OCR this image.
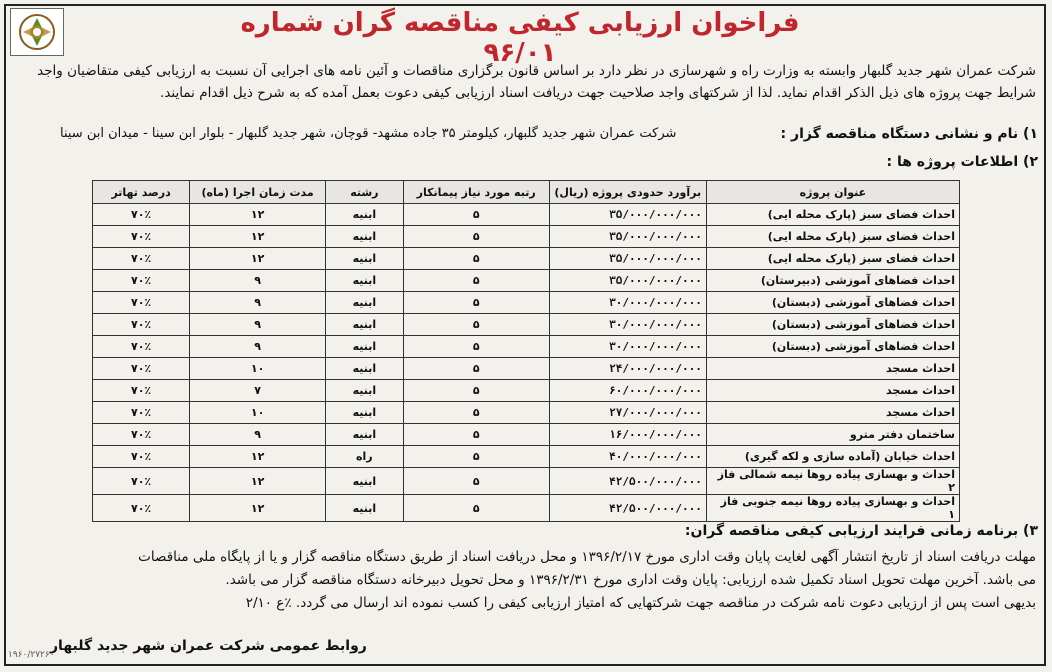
فراخوان ارزیابی کیفی مناقصه گران شماره ۹۶/۰۱
شرکت عمران شهر جدید گلبهار وابسته به وزارت راه و شهرسازی در نظر دارد بر اساس قانون برگزاری مناقصات و آئین نامه های اجرایی آن نسبت به ارزیابی کیفی متقاضیان واجد
شرایط جهت پروژه های ذیل الذکر اقدام نماید. لذا از شرکتهای واجد صلاحیت جهت دریافت اسناد ارزیابی کیفی دعوت بعمل آمده که به شرح ذیل اقدام نمایند.
۱) نام و نشانی دستگاه مناقصه گزار :
شرکت عمران شهر جدید گلبهار، کیلومتر ۳۵ جاده مشهد- قوچان، شهر جدید گلبهار - بلوار ابن سینا - میدان ابن سینا
۲) اطلاعات پروژه ها :
عنوان پروژه	برآورد حدودی پروژه (ریال)	رتبه مورد نیاز پیمانکار	رشته	مدت زمان اجرا (ماه)	درصد تهاتر
احداث فضای سبز (پارک محله ایی)	۳۵/۰۰۰/۰۰۰/۰۰۰	۵	ابنیه	۱۲	۷۰٪
احداث فضای سبز (پارک محله ایی)	۳۵/۰۰۰/۰۰۰/۰۰۰	۵	ابنیه	۱۲	۷۰٪
احداث فضای سبز (پارک محله ایی)	۳۵/۰۰۰/۰۰۰/۰۰۰	۵	ابنیه	۱۲	۷۰٪
احداث فضاهای آموزشی (دبیرستان)	۳۵/۰۰۰/۰۰۰/۰۰۰	۵	ابنیه	۹	۷۰٪
احداث فضاهای آموزشی (دبستان)	۳۰/۰۰۰/۰۰۰/۰۰۰	۵	ابنیه	۹	۷۰٪
احداث فضاهای آموزشی (دبستان)	۳۰/۰۰۰/۰۰۰/۰۰۰	۵	ابنیه	۹	۷۰٪
احداث فضاهای آموزشی (دبستان)	۳۰/۰۰۰/۰۰۰/۰۰۰	۵	ابنیه	۹	۷۰٪
احداث مسجد	۲۴/۰۰۰/۰۰۰/۰۰۰	۵	ابنیه	۱۰	۷۰٪
احداث مسجد	۶۰/۰۰۰/۰۰۰/۰۰۰	۵	ابنیه	۷	۷۰٪
احداث مسجد	۲۷/۰۰۰/۰۰۰/۰۰۰	۵	ابنیه	۱۰	۷۰٪
ساختمان دفتر مترو	۱۶/۰۰۰/۰۰۰/۰۰۰	۵	ابنیه	۹	۷۰٪
احداث خیابان (آماده سازی و لکه گیری)	۴۰/۰۰۰/۰۰۰/۰۰۰	۵	راه	۱۲	۷۰٪
احداث و بهسازی پیاده روها نیمه شمالی فاز ۲	۴۲/۵۰۰/۰۰۰/۰۰۰	۵	ابنیه	۱۲	۷۰٪
احداث و بهسازی پیاده روها نیمه جنوبی فاز ۱	۴۲/۵۰۰/۰۰۰/۰۰۰	۵	ابنیه	۱۲	۷۰٪
۳) برنامه زمانی فرایند ارزیابی کیفی مناقصه گران:
مهلت دریافت اسناد از تاریخ انتشار آگهی لغایت پایان وقت اداری مورخ ۱۳۹۶/۲/۱۷ و محل دریافت اسناد از طریق دستگاه مناقصه گزار و یا از پایگاه ملی مناقصات
می باشد. آخرین مهلت تحویل اسناد تکمیل شده ارزیابی: پایان وقت اداری مورخ ۱۳۹۶/۲/۳۱ و محل تحویل دبیرخانه دستگاه مناقصه گزار می باشد.
بدیهی است پس از ارزیابی دعوت نامه شرکت در مناقصه جهت شرکتهایی که امتیاز ارزیابی کیفی را کسب نموده اند ارسال می گردد. ٪ع ۲/۱۰
روابط عمومی شرکت عمران شهر جدید گلبهار
۱۹۶۰/۲۷۲۶۰
